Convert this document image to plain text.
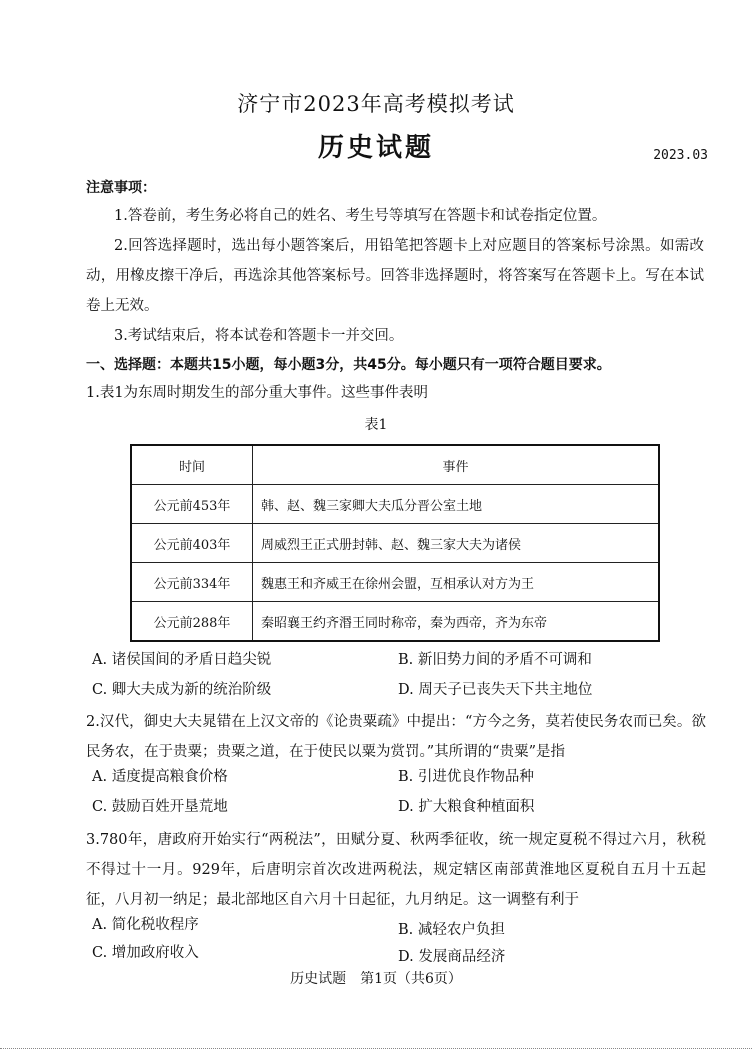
济宁市2023年高考模拟考试
历史试题	2023.03
注意事项：
1.答卷前，考生务必将自己的姓名、考生号等填写在答题卡和试卷指定位置。
2.回答选择题时，选出每小题答案后，用铅笔把答题卡上对应题目的答案标号涂黑。如需改动，用橡皮擦干净后，再选涂其他答案标号。回答非选择题时，将答案写在答题卡上。写在本试卷上无效。
3.考试结束后，将本试卷和答题卡一并交回。
一、选择题：本题共15小题，每小题3分，共45分。每小题只有一项符合题目要求。
1.表1为东周时期发生的部分重大事件。这些事件表明
表1
时间	事件
公元前453年	韩、赵、魏三家卿大夫瓜分晋公室土地
公元前403年	周威烈王正式册封韩、赵、魏三家大夫为诸侯
公元前334年	魏惠王和齐威王在徐州会盟，互相承认对方为王
公元前288年	秦昭襄王约齐湣王同时称帝，秦为西帝，齐为东帝
A. 诸侯国间的矛盾日趋尖锐	B. 新旧势力间的矛盾不可调和
C. 卿大夫成为新的统治阶级	D. 周天子已丧失天下共主地位
2.汉代，御史大夫晁错在上汉文帝的《论贵粟疏》中提出：“方今之务，莫若使民务农而已矣。欲民务农，在于贵粟；贵粟之道，在于使民以粟为赏罚。”其所谓的“贵粟”是指
A. 适度提高粮食价格	B. 引进优良作物品种
C. 鼓励百姓开垦荒地	D. 扩大粮食种植面积
3.780年，唐政府开始实行“两税法”，田赋分夏、秋两季征收，统一规定夏税不得过六月，秋税不得过十一月。929年，后唐明宗首次改进两税法，规定辖区南部黄淮地区夏税自五月十五起征，八月初一纳足；最北部地区自六月十日起征，九月纳足。这一调整有利于
A. 简化税收程序	B. 减轻农户负担
C. 增加政府收入	D. 发展商品经济
历史试题　第1页（共6页）
